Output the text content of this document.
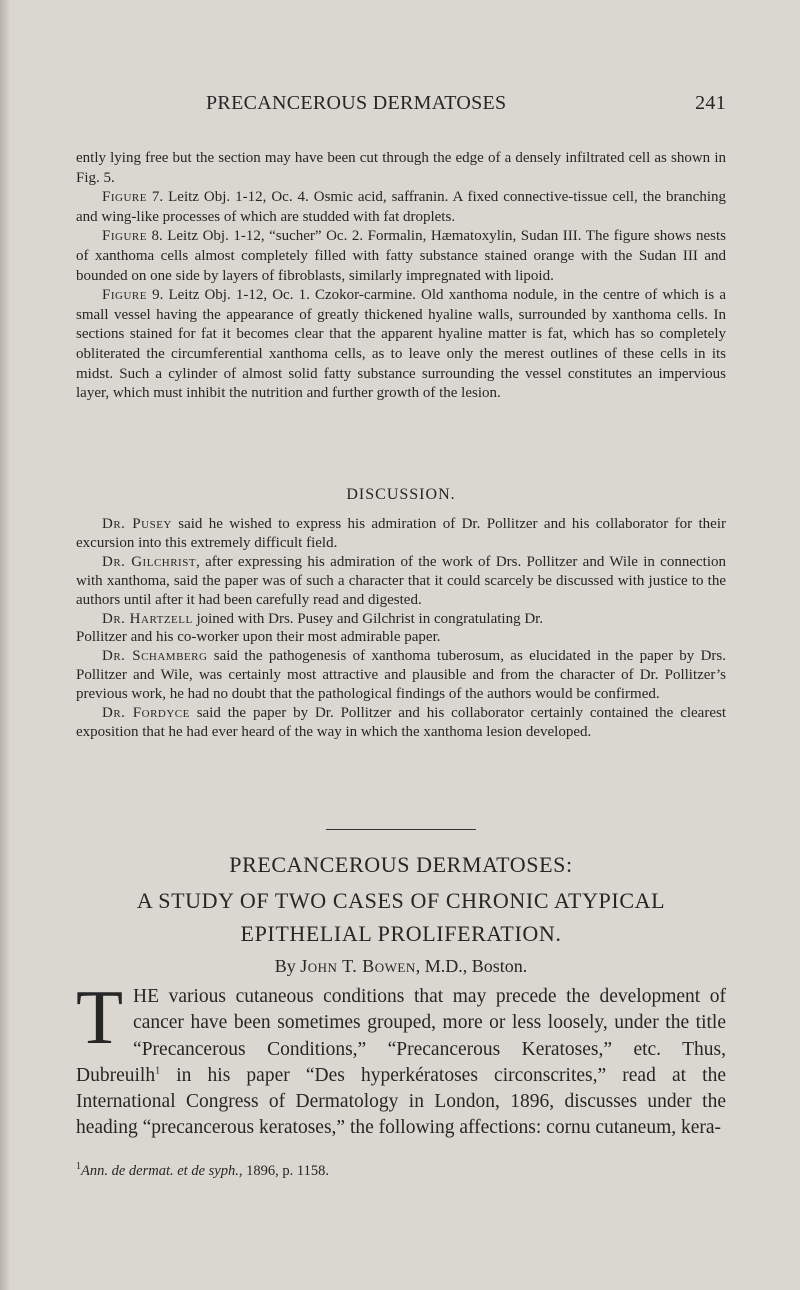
PRECANCEROUS DERMATOSES	241

ently lying free but the section may have been cut through the edge of a densely infiltrated cell as shown in Fig. 5.

Figure 7. Leitz Obj. 1-12, Oc. 4. Osmic acid, saffranin. A fixed connective-tissue cell, the branching and wing-like processes of which are studded with fat droplets.

Figure 8. Leitz Obj. 1-12, “sucher” Oc. 2. Formalin, Hæmatoxylin, Sudan III. The figure shows nests of xanthoma cells almost completely filled with fatty substance stained orange with the Sudan III and bounded on one side by layers of fibroblasts, similarly impregnated with lipoid.

Figure 9. Leitz Obj. 1-12, Oc. 1. Czokor-carmine. Old xanthoma nodule, in the centre of which is a small vessel having the appearance of greatly thickened hyaline walls, surrounded by xanthoma cells. In sections stained for fat it becomes clear that the apparent hyaline matter is fat, which has so completely obliterated the circumferential xanthoma cells, as to leave only the merest outlines of these cells in its midst. Such a cylinder of almost solid fatty substance surrounding the vessel constitutes an impervious layer, which must inhibit the nutrition and further growth of the lesion.

DISCUSSION.

Dr. Pusey said he wished to express his admiration of Dr. Pollitzer and his collaborator for their excursion into this extremely difficult field.

Dr. Gilchrist, after expressing his admiration of the work of Drs. Pollitzer and Wile in connection with xanthoma, said the paper was of such a character that it could scarcely be discussed with justice to the authors until after it had been carefully read and digested.

Dr. Hartzell joined with Drs. Pusey and Gilchrist in congratulating Dr.

Pollitzer and his co-worker upon their most admirable paper.

Dr. Schamberg said the pathogenesis of xanthoma tuberosum, as elucidated in the paper by Drs. Pollitzer and Wile, was certainly most attractive and plausible and from the character of Dr. Pollitzer’s previous work, he had no doubt that the pathological findings of the authors would be confirmed.

Dr. Fordyce said the paper by Dr. Pollitzer and his collaborator certainly contained the clearest exposition that he had ever heard of the way in which the xanthoma lesion developed.

PRECANCEROUS DERMATOSES:
A STUDY OF TWO CASES OF CHRONIC ATYPICAL
EPITHELIAL PROLIFERATION.
By John T. Bowen, M.D., Boston.
THE various cutaneous conditions that may precede the development of cancer have been sometimes grouped, more or less loosely, under the title “Precancerous Conditions,” “Precancerous Keratoses,” etc. Thus, Dubreuilh$^1$ in his paper “Des hyperkératoses circonscrites,” read at the International Congress of Dermatology in London, 1896, discusses under the heading “precancerous keratoses,” the following affections: cornu cutaneum, kera-
$^1$Ann. de dermat. et de syph., 1896, p. 1158.
